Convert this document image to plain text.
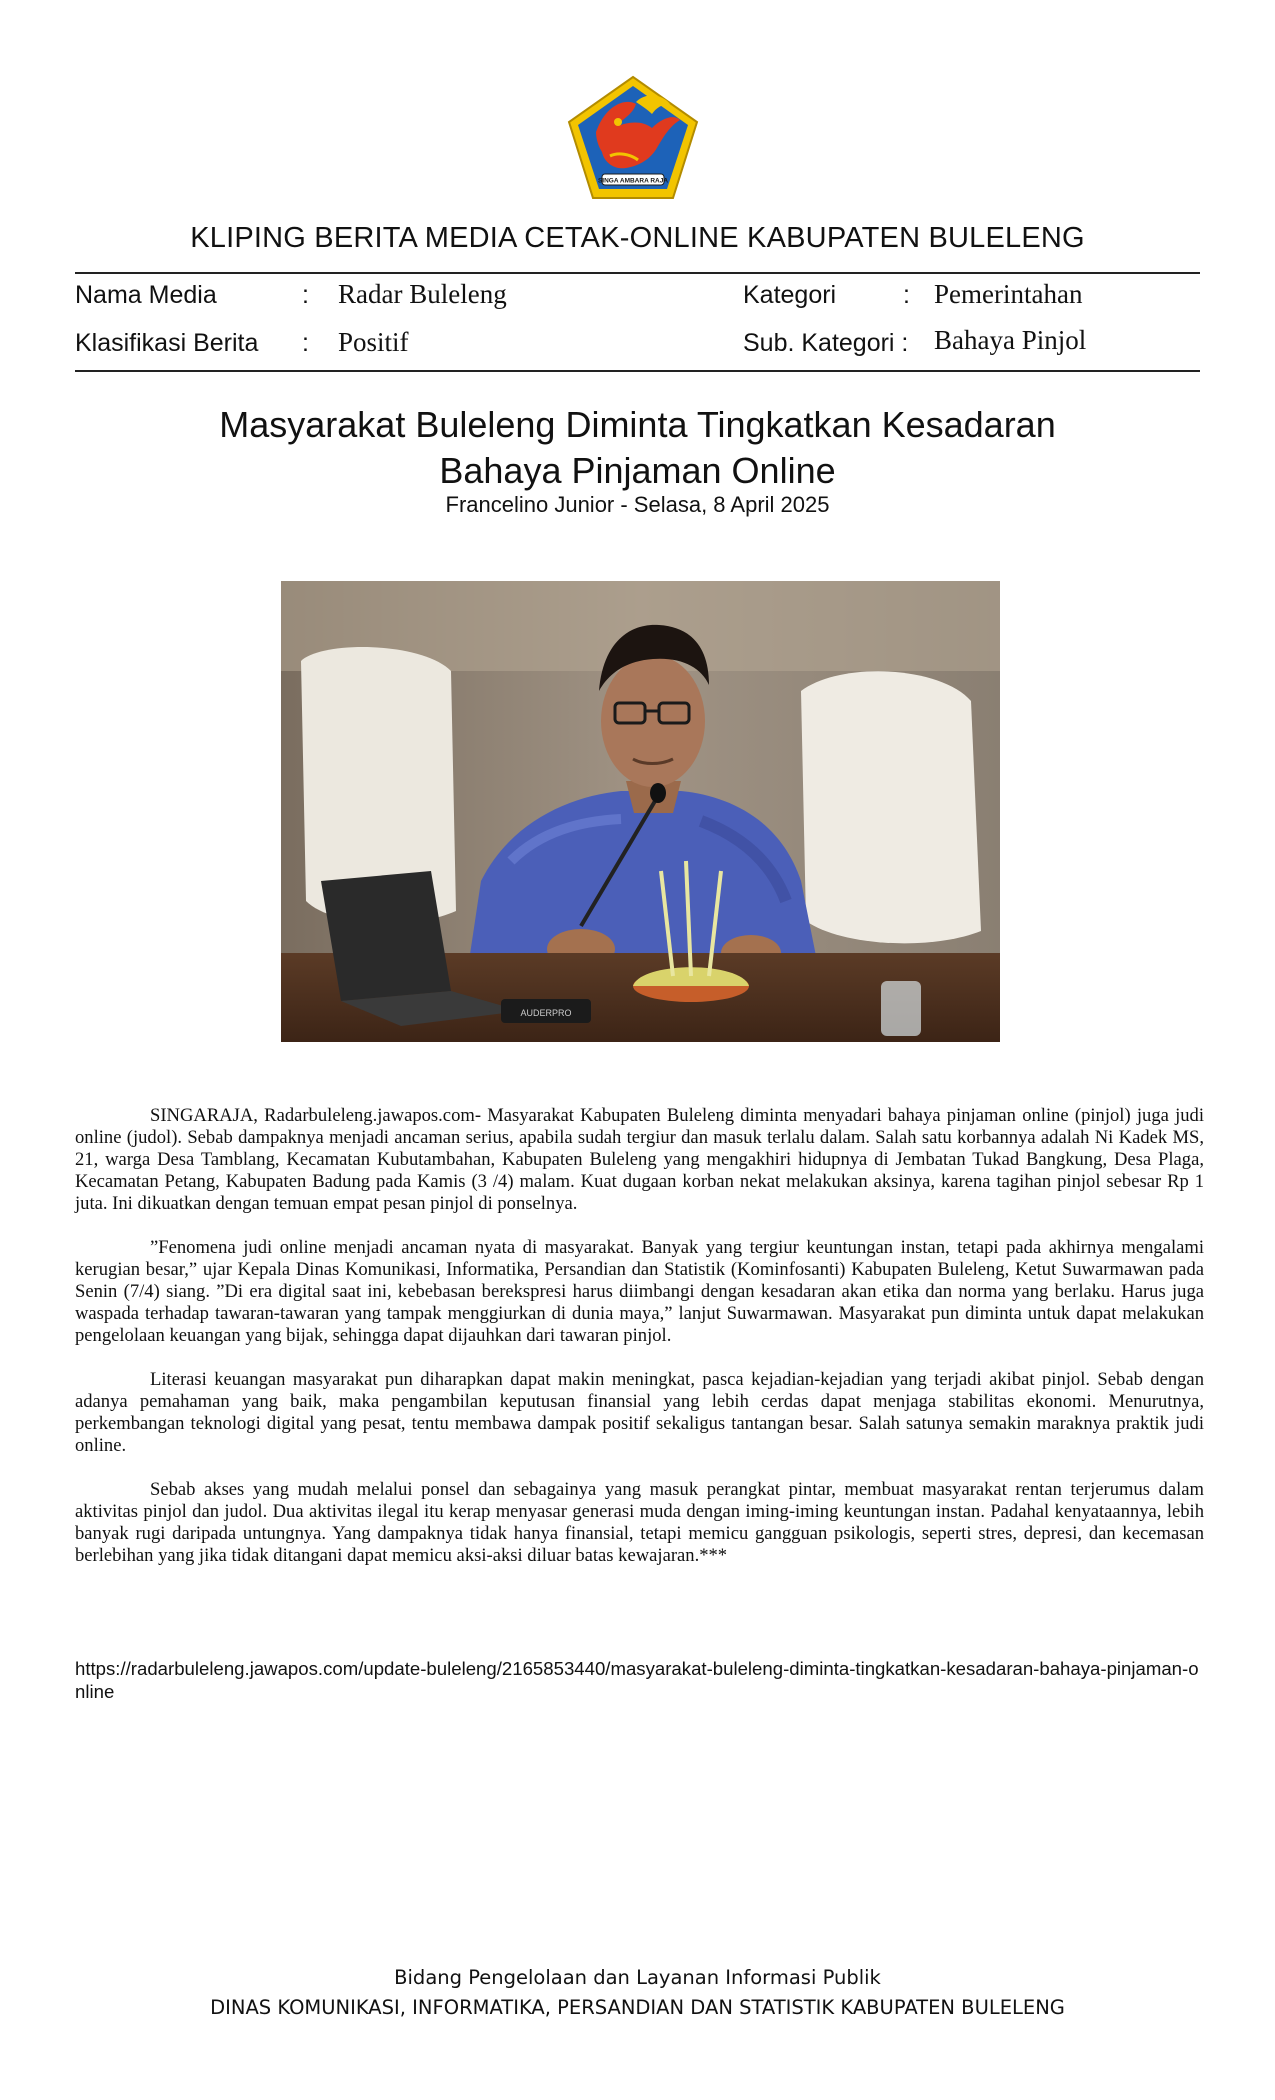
SINGA AMBARA RAJA
KLIPING BERITA MEDIA CETAK-ONLINE KABUPATEN BULELENG
Nama Media	: Radar Buleleng	Kategori	: Pemerintahan
Klasifikasi Berita : Positif	Sub. Kategori : Bahaya Pinjol
Masyarakat Buleleng Diminta Tingkatkan Kesadaran
Bahaya Pinjaman Online
Francelino Junior - Selasa, 8 April 2025
AUDERPRO

SINGARAJA, Radarbuleleng.jawapos.com- Masyarakat Kabupaten Buleleng diminta menyadari bahaya pinjaman online (pinjol) juga judi online (judol). Sebab dampaknya menjadi ancaman serius, apabila sudah tergiur dan masuk terlalu dalam. Salah satu korbannya adalah Ni Kadek MS, 21, warga Desa Tamblang, Kecamatan Kubutambahan, Kabupaten Buleleng yang mengakhiri hidupnya di Jembatan Tukad Bangkung, Desa Plaga, Kecamatan Petang, Kabupaten Badung pada Kamis (3 /4) malam. Kuat dugaan korban nekat melakukan aksinya, karena tagihan pinjol sebesar Rp 1 juta. Ini dikuatkan dengan temuan empat pesan pinjol di ponselnya.

”Fenomena judi online menjadi ancaman nyata di masyarakat. Banyak yang tergiur keuntungan instan, tetapi pada akhirnya mengalami kerugian besar,” ujar Kepala Dinas Komunikasi, Informatika, Persandian dan Statistik (Kominfosanti) Kabupaten Buleleng, Ketut Suwarmawan pada Senin (7/4) siang. ”Di era digital saat ini, kebebasan berekspresi harus diimbangi dengan kesadaran akan etika dan norma yang berlaku. Harus juga waspada terhadap tawaran-tawaran yang tampak menggiurkan di dunia maya,” lanjut Suwarmawan. Masyarakat pun diminta untuk dapat melakukan pengelolaan keuangan yang bijak, sehingga dapat dijauhkan dari tawaran pinjol.

Literasi keuangan masyarakat pun diharapkan dapat makin meningkat, pasca kejadian-kejadian yang terjadi akibat pinjol. Sebab dengan adanya pemahaman yang baik, maka pengambilan keputusan finansial yang lebih cerdas dapat menjaga stabilitas ekonomi. Menurutnya, perkembangan teknologi digital yang pesat, tentu membawa dampak positif sekaligus tantangan besar. Salah satunya semakin maraknya praktik judi online.

Sebab akses yang mudah melalui ponsel dan sebagainya yang masuk perangkat pintar, membuat masyarakat rentan terjerumus dalam aktivitas pinjol dan judol. Dua aktivitas ilegal itu kerap menyasar generasi muda dengan iming-iming keuntungan instan. Padahal kenyataannya, lebih banyak rugi daripada untungnya. Yang dampaknya tidak hanya finansial, tetapi memicu gangguan psikologis, seperti stres, depresi, dan kecemasan berlebihan yang jika tidak ditangani dapat memicu aksi-aksi diluar batas kewajaran.***

https://radarbuleleng.jawapos.com/update-buleleng/2165853440/masyarakat-buleleng-diminta-tingkatkan-kesadaran-bahaya-pinjaman-online
Bidang Pengelolaan dan Layanan Informasi Publik
DINAS KOMUNIKASI, INFORMATIKA, PERSANDIAN DAN STATISTIK KABUPATEN BULELENG
